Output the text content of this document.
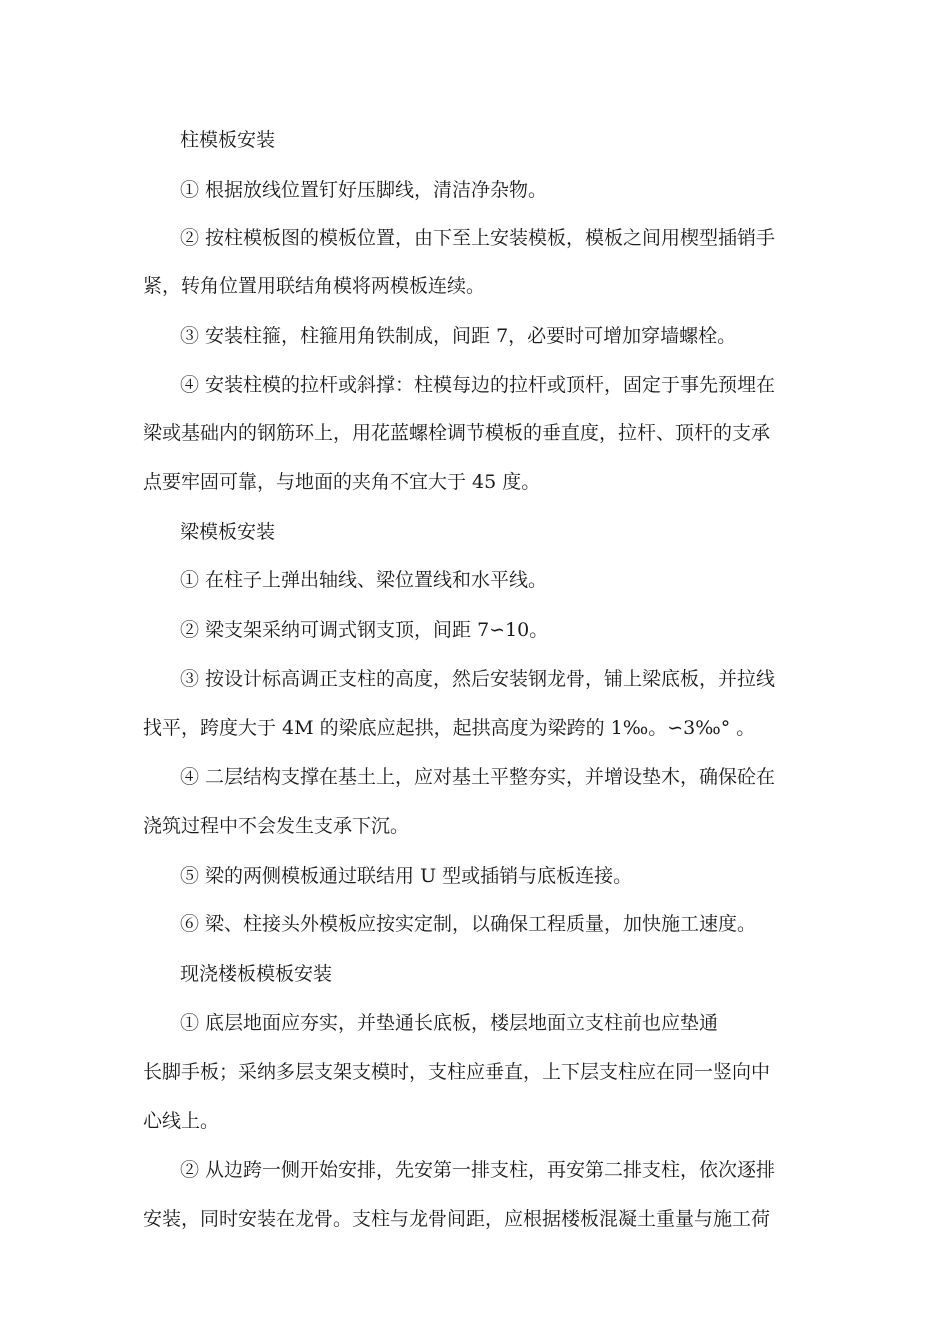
柱模板安装
① 根据放线位置钉好压脚线，清洁净杂物。
② 按柱模板图的模板位置，由下至上安装模板，模板之间用楔型插销手
紧，转角位置用联结角模将两模板连续。
③ 安装柱箍，柱箍用角铁制成，间距 7，必要时可增加穿墙螺栓。
④ 安装柱模的拉杆或斜撑：柱模每边的拉杆或顶杆，固定于事先预埋在
梁或基础内的钢筋环上，用花蓝螺栓调节模板的垂直度，拉杆、顶杆的支承
点要牢固可靠，与地面的夹角不宜大于 45 度。
梁模板安装
① 在柱子上弹出轴线、梁位置线和水平线。
② 梁支架采纳可调式钢支顶，间距 7∽10。
③ 按设计标高调正支柱的高度，然后安装钢龙骨，铺上梁底板，并拉线
找平，跨度大于 4M 的梁底应起拱，起拱高度为梁跨的 1‰。∽3‰° 。
④ 二层结构支撑在基土上，应对基土平整夯实，并增设垫木，确保砼在
浇筑过程中不会发生支承下沉。
⑤ 梁的两侧模板通过联结用 U 型或插销与底板连接。
⑥ 梁、柱接头外模板应按实定制，以确保工程质量，加快施工速度。
现浇楼板模板安装
① 底层地面应夯实，并垫通长底板，楼层地面立支柱前也应垫通
长脚手板；采纳多层支架支模时，支柱应垂直，上下层支柱应在同一竖向中
心线上。
② 从边跨一侧开始安排，先安第一排支柱，再安第二排支柱，依次逐排
安装，同时安装在龙骨。支柱与龙骨间距，应根据楼板混凝土重量与施工荷
